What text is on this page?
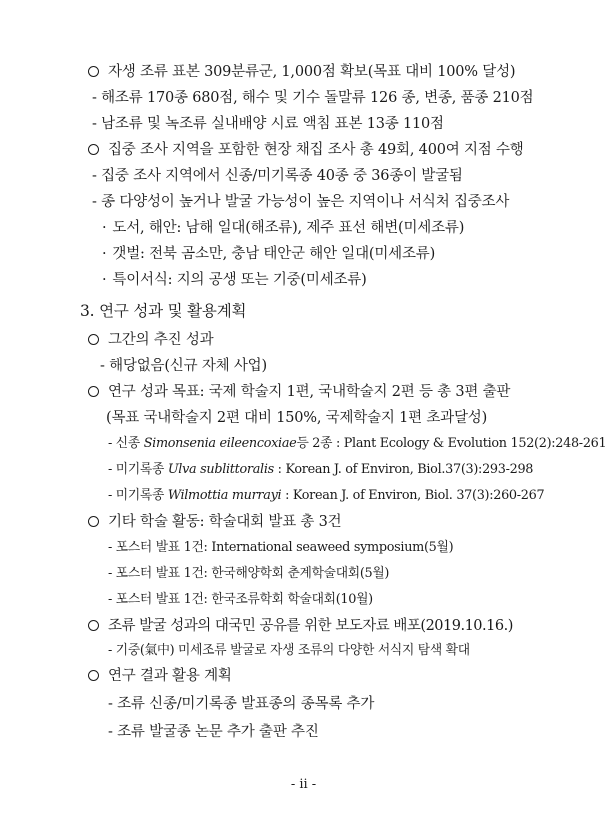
자생 조류 표본 309분류군, 1,000점 확보(목표 대비 100% 달성)
- 해조류 170종 680점, 해수 및 기수 돌말류 126 종, 변종, 품종 210점
- 남조류 및 녹조류 실내배양 시료 액침 표본 13종 110점
집중 조사 지역을 포함한 현장 채집 조사 총 49회, 400여 지점 수행
- 집중 조사 지역에서 신종/미기록종 40종 중 36종이 발굴됨
- 종 다양성이 높거나 발굴 가능성이 높은 지역이나 서식처 집중조사
· 도서, 해안: 남해 일대(해조류), 제주 표선 해변(미세조류)
· 갯벌: 전북 곰소만, 충남 태안군 해안 일대(미세조류)
· 특이서식: 지의 공생 또는 기중(미세조류)
3. 연구 성과 및 활용계획
그간의 추진 성과
- 해당없음(신규 자체 사업)
연구 성과 목표: 국제 학술지 1편, 국내학술지 2편 등 총 3편 출판
(목표 국내학술지 2편 대비 150%, 국제학술지 1편 초과달성)
- 신종 Simonsenia eileencoxiae등 2종 : Plant Ecology & Evolution 152(2):248-261
- 미기록종 Ulva sublittoralis : Korean J. of Environ, Biol.37(3):293-298
- 미기록종 Wilmottia murrayi : Korean J. of Environ, Biol. 37(3):260-267
기타 학술 활동: 학술대회 발표 총 3건
- 포스터 발표 1건: International seaweed symposium(5월)
- 포스터 발표 1건: 한국해양학회 춘계학술대회(5월)
- 포스터 발표 1건: 한국조류학회 학술대회(10월)
조류 발굴 성과의 대국민 공유를 위한 보도자료 배포(2019.10.16.)
- 기중(氣中) 미세조류 발굴로 자생 조류의 다양한 서식지 탐색 확대
연구 결과 활용 계획
- 조류 신종/미기록종 발표종의 종목록 추가
- 조류 발굴종 논문 추가 출판 추진
- ii -
